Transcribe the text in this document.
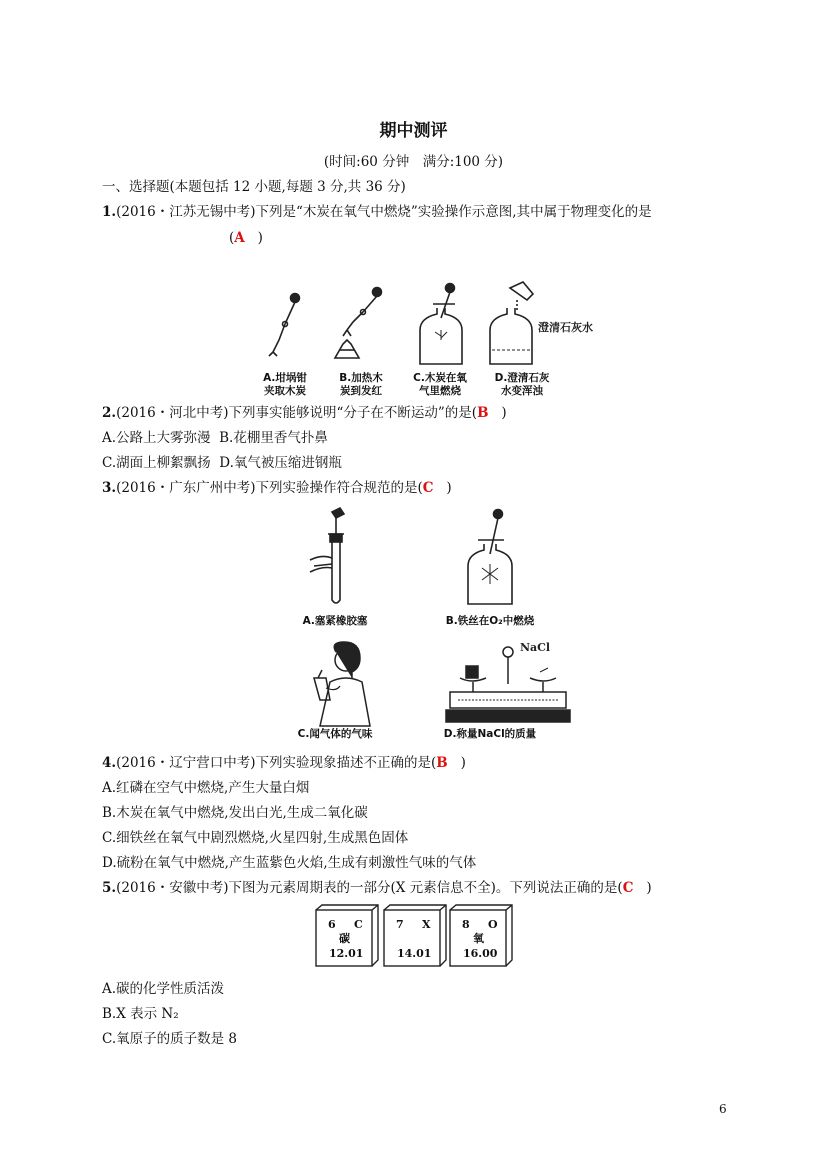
期中测评
(时间:60 分钟　满分:100 分)
一、选择题(本题包括 12 小题,每题 3 分,共 36 分)
1.(2016・江苏无锡中考)下列是“木炭在氧气中燃烧”实验操作示意图,其中属于物理变化的是
(A )
澄清石灰水
A.坩埚钳
夹取木炭
B.加热木
炭到发红
C.木炭在氧
气里燃烧
D.澄清石灰
水变浑浊
2.(2016・河北中考)下列事实能够说明“分子在不断运动”的是(B )
A.公路上大雾弥漫 B.花棚里香气扑鼻
C.湖面上柳絮飘扬 D.氧气被压缩进钢瓶
3.(2016・广东广州中考)下列实验操作符合规范的是(C )
A.塞紧橡胶塞	B.铁丝在O₂中燃烧
NaCl
C.闻气体的气味	D.称量NaCl的质量
4.(2016・辽宁营口中考)下列实验现象描述不正确的是(B )
A.红磷在空气中燃烧,产生大量白烟
B.木炭在氧气中燃烧,发出白光,生成二氧化碳
C.细铁丝在氧气中剧烈燃烧,火星四射,生成黑色固体
D.硫粉在氧气中燃烧,产生蓝紫色火焰,生成有刺激性气味的气体
5.(2016・安徽中考)下图为元素周期表的一部分(X 元素信息不全)。下列说法正确的是(C )
6 C
碳
12.01
7 X
14.01
8 O
氧
16.00
A.碳的化学性质活泼
B.X 表示 N₂
C.氧原子的质子数是 8
6
